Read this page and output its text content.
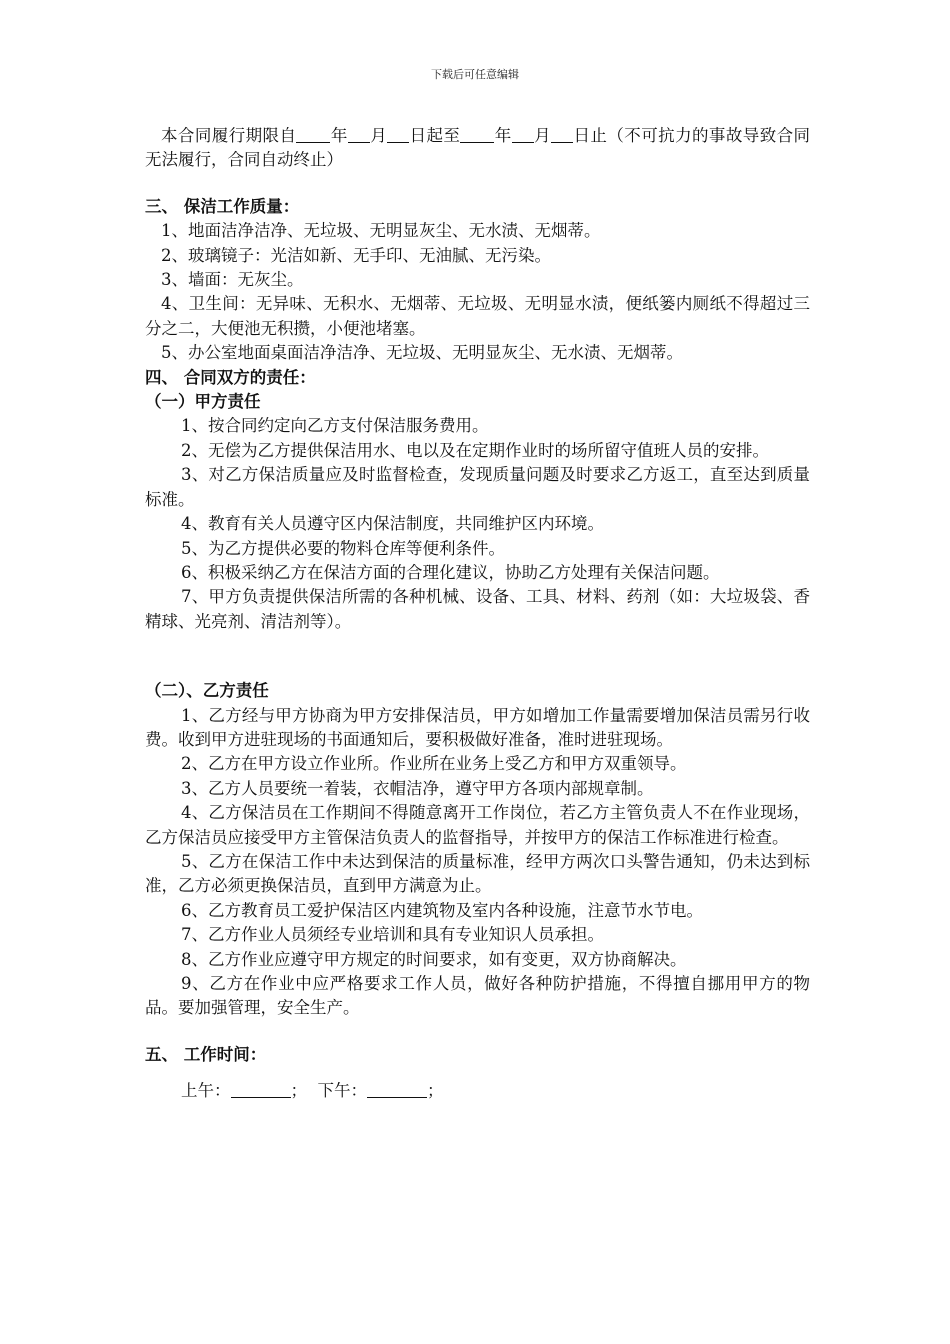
下载后可任意编辑

本合同履行期限自 年 月 日起至 年 月 日止（不可抗力的事故导致合同无法履行，合同自动终止）

三、 保洁工作质量：

1、地面洁净洁净、无垃圾、无明显灰尘、无水渍、无烟蒂。

2、玻璃镜子：光洁如新、无手印、无油腻、无污染。

3、墙面：无灰尘。

4、卫生间：无异味、无积水、无烟蒂、无垃圾、无明显水渍，便纸篓内厕纸不得超过三分之二，大便池无积攒，小便池堵塞。

5、办公室地面桌面洁净洁净、无垃圾、无明显灰尘、无水渍、无烟蒂。

四、 合同双方的责任：

（一）甲方责任

1、按合同约定向乙方支付保洁服务费用。

2、无偿为乙方提供保洁用水、电以及在定期作业时的场所留守值班人员的安排。

3、对乙方保洁质量应及时监督检查，发现质量问题及时要求乙方返工，直至达到质量标准。

4、教育有关人员遵守区内保洁制度，共同维护区内环境。

5、为乙方提供必要的物料仓库等便利条件。

6、积极采纳乙方在保洁方面的合理化建议，协助乙方处理有关保洁问题。

7、甲方负责提供保洁所需的各种机械、设备、工具、材料、药剂（如：大垃圾袋、香精球、光亮剂、清洁剂等）。

（二）、乙方责任

1、乙方经与甲方协商为甲方安排保洁员，甲方如增加工作量需要增加保洁员需另行收费。收到甲方进驻现场的书面通知后，要积极做好准备，准时进驻现场。

2、乙方在甲方设立作业所。作业所在业务上受乙方和甲方双重领导。

3、乙方人员要统一着装，衣帽洁净，遵守甲方各项内部规章制。

4、乙方保洁员在工作期间不得随意离开工作岗位，若乙方主管负责人不在作业现场，乙方保洁员应接受甲方主管保洁负责人的监督指导，并按甲方的保洁工作标准进行检查。

5、乙方在保洁工作中未达到保洁的质量标准，经甲方两次口头警告通知，仍未达到标准，乙方必须更换保洁员，直到甲方满意为止。

6、乙方教育员工爱护保洁区内建筑物及室内各种设施，注意节水节电。

7、乙方作业人员须经专业培训和具有专业知识人员承担。

8、乙方作业应遵守甲方规定的时间要求，如有变更，双方协商解决。

9、乙方在作业中应严格要求工作人员，做好各种防护措施，不得擅自挪用甲方的物品。要加强管理，安全生产。

五、 工作时间：

上午：	； 下午：	；
